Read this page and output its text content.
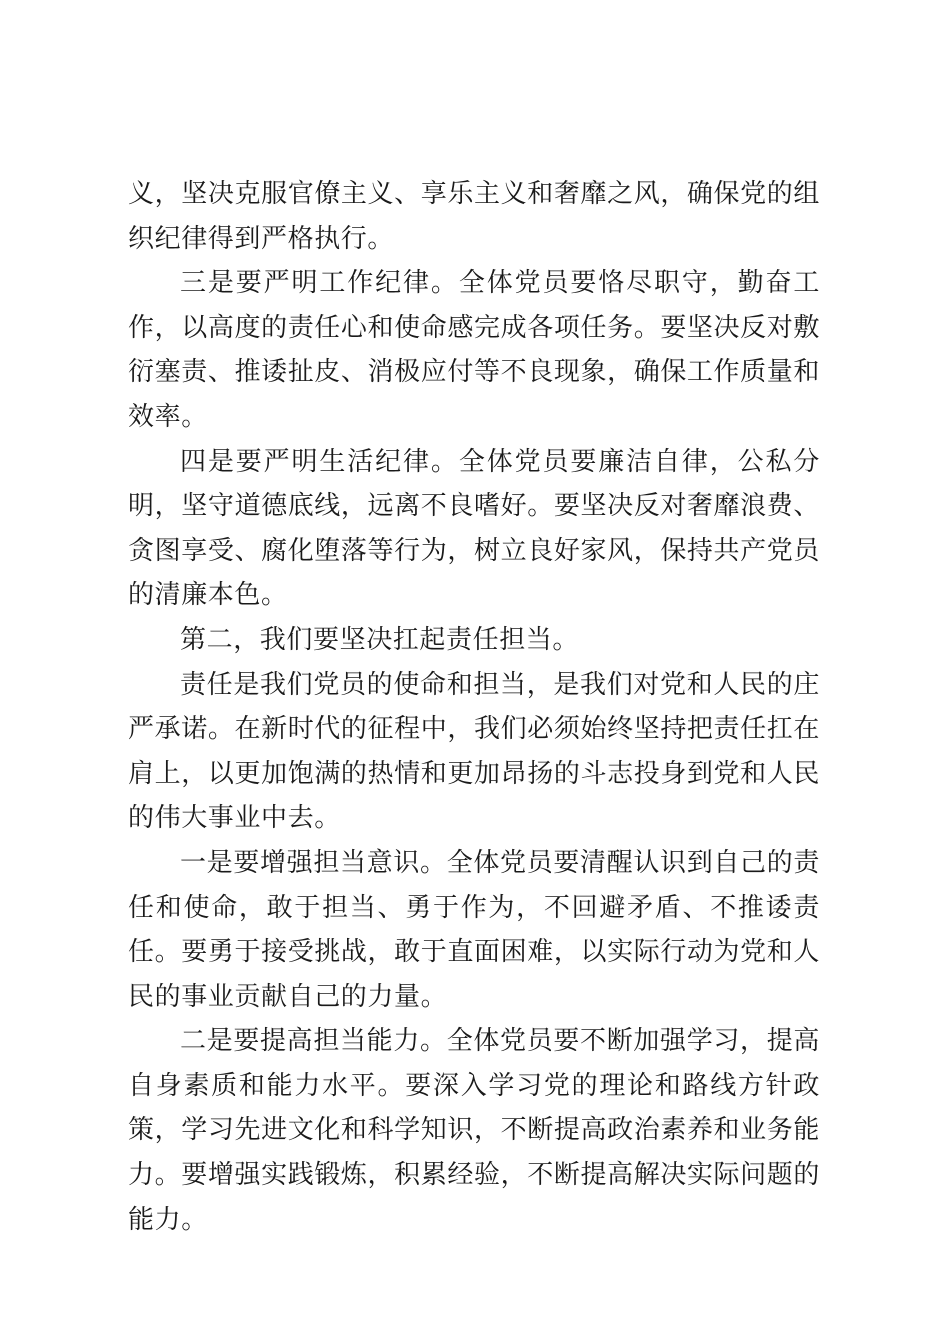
义，坚决克服官僚主义、享乐主义和奢靡之风，确保党的组织纪律得到严格执行。

三是要严明工作纪律。全体党员要恪尽职守，勤奋工作，以高度的责任心和使命感完成各项任务。要坚决反对敷衍塞责、推诿扯皮、消极应付等不良现象，确保工作质量和效率。

四是要严明生活纪律。全体党员要廉洁自律，公私分明，坚守道德底线，远离不良嗜好。要坚决反对奢靡浪费、贪图享受、腐化堕落等行为，树立良好家风，保持共产党员的清廉本色。

第二，我们要坚决扛起责任担当。

责任是我们党员的使命和担当，是我们对党和人民的庄严承诺。在新时代的征程中，我们必须始终坚持把责任扛在肩上，以更加饱满的热情和更加昂扬的斗志投身到党和人民的伟大事业中去。

一是要增强担当意识。全体党员要清醒认识到自己的责任和使命，敢于担当、勇于作为，不回避矛盾、不推诿责任。要勇于接受挑战，敢于直面困难，以实际行动为党和人民的事业贡献自己的力量。

二是要提高担当能力。全体党员要不断加强学习，提高自身素质和能力水平。要深入学习党的理论和路线方针政策，学习先进文化和科学知识，不断提高政治素养和业务能力。要增强实践锻炼，积累经验，不断提高解决实际问题的能力。
